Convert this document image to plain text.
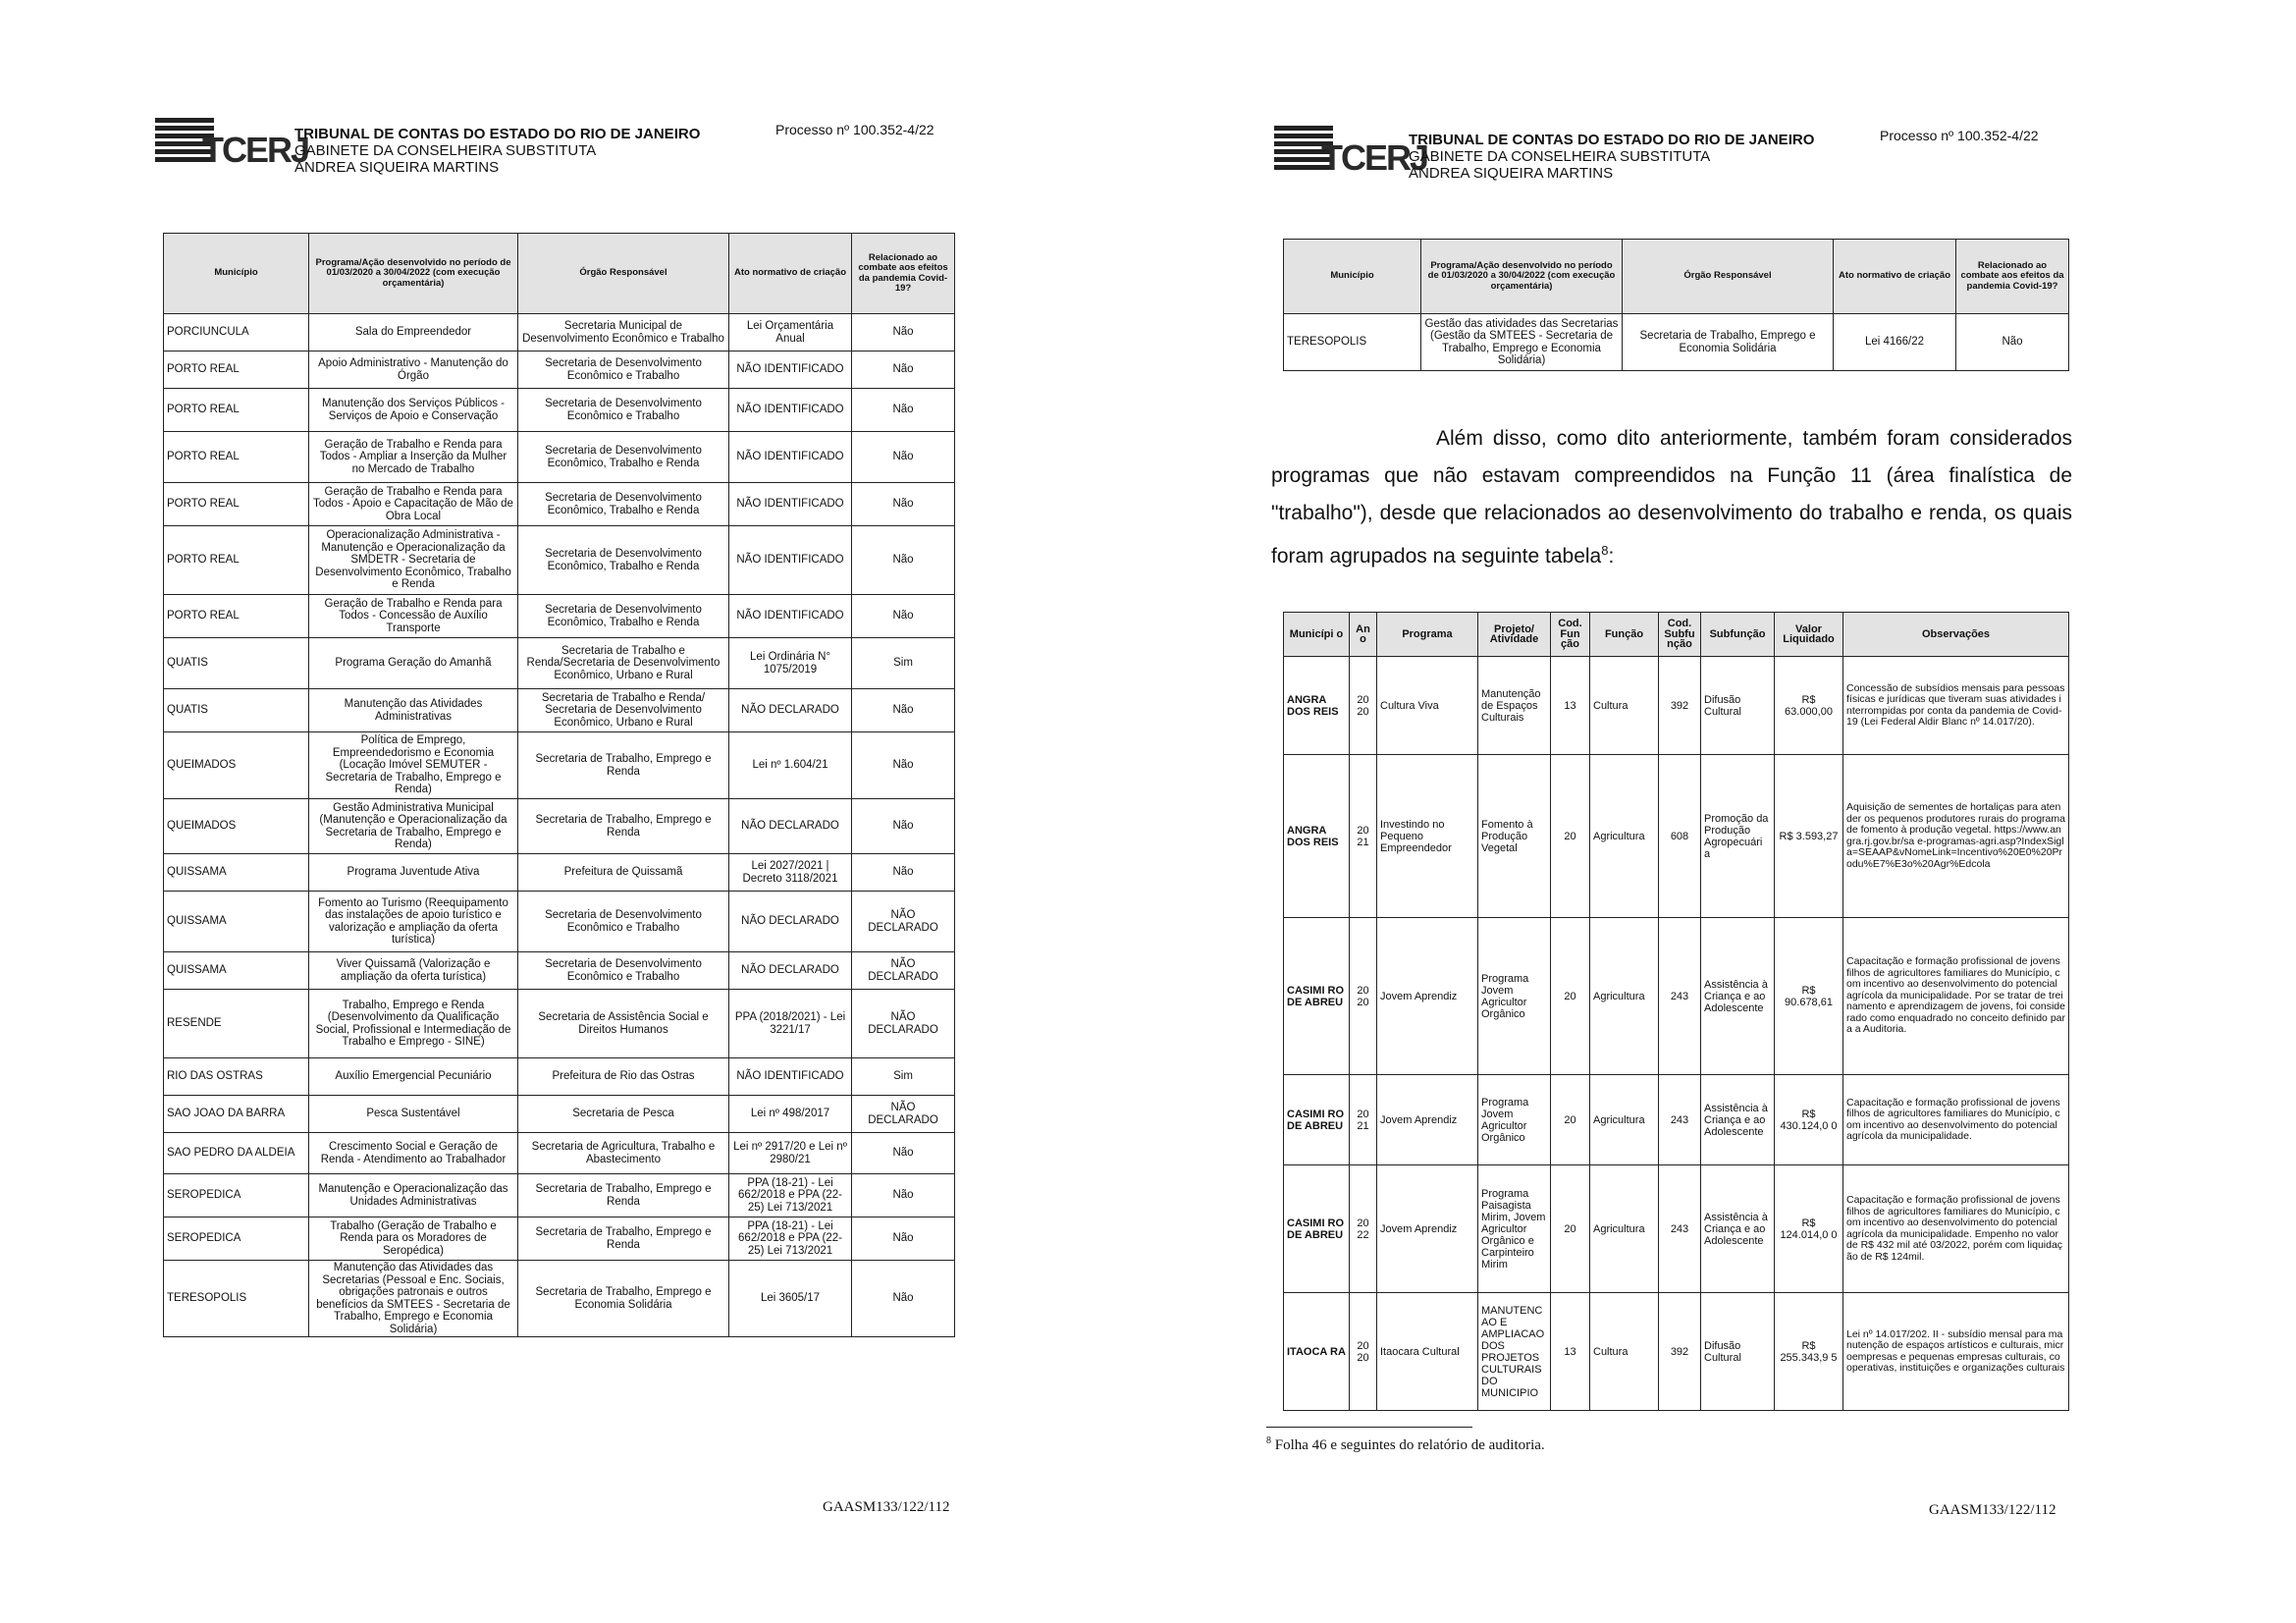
TCERJ
TRIBUNAL DE CONTAS DO ESTADO DO RIO DE JANEIRO
GABINETE DA CONSELHEIRA SUBSTITUTA
ANDREA SIQUEIRA MARTINS
Processo nº 100.352-4/22
Município	Programa/Ação desenvolvido no período de 01/03/2020 a 30/04/2022 (com execução orçamentária)	Órgão Responsável	Ato normativo de criação	Relacionado ao combate aos efeitos da pandemia Covid-19?
PORCIUNCULA	Sala do Empreendedor	Secretaria Municipal de Desenvolvimento Econômico e Trabalho	Lei Orçamentária Anual	Não
PORTO REAL	Apoio Administrativo - Manutenção do Órgão	Secretaria de Desenvolvimento Econômico e Trabalho	NÃO IDENTIFICADO	Não
PORTO REAL	Manutenção dos Serviços Públicos - Serviços de Apoio e Conservação	Secretaria de Desenvolvimento Econômico e Trabalho	NÃO IDENTIFICADO	Não
PORTO REAL	Geração de Trabalho e Renda para Todos - Ampliar a Inserção da Mulher no Mercado de Trabalho	Secretaria de Desenvolvimento Econômico, Trabalho e Renda	NÃO IDENTIFICADO	Não
PORTO REAL	Geração de Trabalho e Renda para Todos - Apoio e Capacitação de Mão de Obra Local	Secretaria de Desenvolvimento Econômico, Trabalho e Renda	NÃO IDENTIFICADO	Não
PORTO REAL	Operacionalização Administrativa - Manutenção e Operacionalização da SMDETR - Secretaria de Desenvolvimento Econômico, Trabalho e Renda	Secretaria de Desenvolvimento Econômico, Trabalho e Renda	NÃO IDENTIFICADO	Não
PORTO REAL	Geração de Trabalho e Renda para Todos - Concessão de Auxílio Transporte	Secretaria de Desenvolvimento Econômico, Trabalho e Renda	NÃO IDENTIFICADO	Não
QUATIS	Programa Geração do Amanhã	Secretaria de Trabalho e Renda/Secretaria de Desenvolvimento Econômico, Urbano e Rural	Lei Ordinária N° 1075/2019	Sim
QUATIS	Manutenção das Atividades Administrativas	Secretaria de Trabalho e Renda/ Secretaria de Desenvolvimento Econômico, Urbano e Rural	NÃO DECLARADO	Não
QUEIMADOS	Política de Emprego, Empreendedorismo e Economia (Locação Imóvel SEMUTER - Secretaria de Trabalho, Emprego e Renda)	Secretaria de Trabalho, Emprego e Renda	Lei nº 1.604/21	Não
QUEIMADOS	Gestão Administrativa Municipal (Manutenção e Operacionalização da Secretaria de Trabalho, Emprego e Renda)	Secretaria de Trabalho, Emprego e Renda	NÃO DECLARADO	Não
QUISSAMA	Programa Juventude Ativa	Prefeitura de Quissamã	Lei 2027/2021 | Decreto 3118/2021	Não
QUISSAMA	Fomento ao Turismo (Reequipamento das instalações de apoio turístico e valorização e ampliação da oferta turística)	Secretaria de Desenvolvimento Econômico e Trabalho	NÃO DECLARADO	NÃO DECLARADO
QUISSAMA	Viver Quissamã (Valorização e ampliação da oferta turística)	Secretaria de Desenvolvimento Econômico e Trabalho	NÃO DECLARADO	NÃO DECLARADO
RESENDE	Trabalho, Emprego e Renda (Desenvolvimento da Qualificação Social, Profissional e Intermediação de Trabalho e Emprego - SINE)	Secretaria de Assistência Social e Direitos Humanos	PPA (2018/2021) - Lei 3221/17	NÃO DECLARADO
RIO DAS OSTRAS	Auxílio Emergencial Pecuniário	Prefeitura de Rio das Ostras	NÃO IDENTIFICADO	Sim
SAO JOAO DA BARRA	Pesca Sustentável	Secretaria de Pesca	Lei nº 498/2017	NÃO DECLARADO
SAO PEDRO DA ALDEIA	Crescimento Social e Geração de Renda - Atendimento ao Trabalhador	Secretaria de Agricultura, Trabalho e Abastecimento	Lei nº 2917/20 e Lei nº 2980/21	Não
SEROPEDICA	Manutenção e Operacionalização das Unidades Administrativas	Secretaria de Trabalho, Emprego e Renda	PPA (18-21) - Lei 662/2018 e PPA (22-25) Lei 713/2021	Não
SEROPEDICA	Trabalho (Geração de Trabalho e Renda para os Moradores de Seropédica)	Secretaria de Trabalho, Emprego e Renda	PPA (18-21) - Lei 662/2018 e PPA (22-25) Lei 713/2021	Não
TERESOPOLIS	Manutenção das Atividades das Secretarias (Pessoal e Enc. Sociais, obrigações patronais e outros benefícios da SMTEES - Secretaria de Trabalho, Emprego e Economia Solidária)	Secretaria de Trabalho, Emprego e Economia Solidária	Lei 3605/17	Não
GAASM133/122/112
TCERJ
TRIBUNAL DE CONTAS DO ESTADO DO RIO DE JANEIRO
GABINETE DA CONSELHEIRA SUBSTITUTA
ANDREA SIQUEIRA MARTINS
Processo nº 100.352-4/22
Município	Programa/Ação desenvolvido no período de 01/03/2020 a 30/04/2022 (com execução orçamentária)	Órgão Responsável	Ato normativo de criação	Relacionado ao combate aos efeitos da pandemia Covid-19?
TERESOPOLIS	Gestão das atividades das Secretarias (Gestão da SMTEES - Secretaria de Trabalho, Emprego e Economia Solidária)	Secretaria de Trabalho, Emprego e Economia Solidária	Lei 4166/22	Não
Além disso, como dito anteriormente, também foram considerados programas que não estavam compreendidos na Função 11 (área finalística de "trabalho"), desde que relacionados ao desenvolvimento do trabalho e renda, os quais foram agrupados na seguinte tabela$^8$:
Municípi o	An o	Programa	Projeto/ Atividade	Cod. Fun ção	Função	Cod. Subfu nção	Subfunção	Valor Liquidado	Observações
ANGRA DOS REIS	20 20	Cultura Viva	Manutenção de Espaços Culturais	13	Cultura	392	Difusão Cultural	R$ 63.000,00	Concessão de subsídios mensais para pessoas físicas e jurídicas que tiveram suas atividades interrompidas por conta da pandemia de Covid-19 (Lei Federal Aldir Blanc nº 14.017/20).
ANGRA DOS REIS	20 21	Investindo no Pequeno Empreendedor	Fomento à Produção Vegetal	20	Agricultura	608	Promoção da Produção Agropecuári a	R$ 3.593,27	Aquisição de sementes de hortaliças para atender os pequenos produtores rurais do programa de fomento à produção vegetal. https://www.angra.rj.gov.br/sa e-programas-agri.asp?IndexSigla=SEAAP&vNomeLink=Incentivo%20E0%20Produ%E7%E3o%20Agr%Edcola
CASIMI RO DE ABREU	20 20	Jovem Aprendiz	Programa Jovem Agricultor Orgânico	20	Agricultura	243	Assistência à Criança e ao Adolescente	R$ 90.678,61	Capacitação e formação profissional de jovens filhos de agricultores familiares do Município, com incentivo ao desenvolvimento do potencial agrícola da municipalidade. Por se tratar de treinamento e aprendizagem de jovens, foi considerado como enquadrado no conceito definido para a Auditoria.
CASIMI RO DE ABREU	20 21	Jovem Aprendiz	Programa Jovem Agricultor Orgânico	20	Agricultura	243	Assistência à Criança e ao Adolescente	R$ 430.124,0 0	Capacitação e formação profissional de jovens filhos de agricultores familiares do Município, com incentivo ao desenvolvimento do potencial agrícola da municipalidade.
CASIMI RO DE ABREU	20 22	Jovem Aprendiz	Programa Paisagista Mirim, Jovem Agricultor Orgânico e Carpinteiro Mirim	20	Agricultura	243	Assistência à Criança e ao Adolescente	R$ 124.014,0 0	Capacitação e formação profissional de jovens filhos de agricultores familiares do Município, com incentivo ao desenvolvimento do potencial agrícola da municipalidade. Empenho no valor de R$ 432 mil até 03/2022, porém com liquidação de R$ 124mil.
ITAOCA RA	20 20	Itaocara Cultural	MANUTENC AO E AMPLIACAO DOS PROJETOS CULTURAIS DO MUNICIPIO	13	Cultura	392	Difusão Cultural	R$ 255.343,9 5	Lei nº 14.017/202. II - subsídio mensal para manutenção de espaços artísticos e culturais, microempresas e pequenas empresas culturais, cooperativas, instituições e organizações culturais
$^8$ Folha 46 e seguintes do relatório de auditoria.
GAASM133/122/112
